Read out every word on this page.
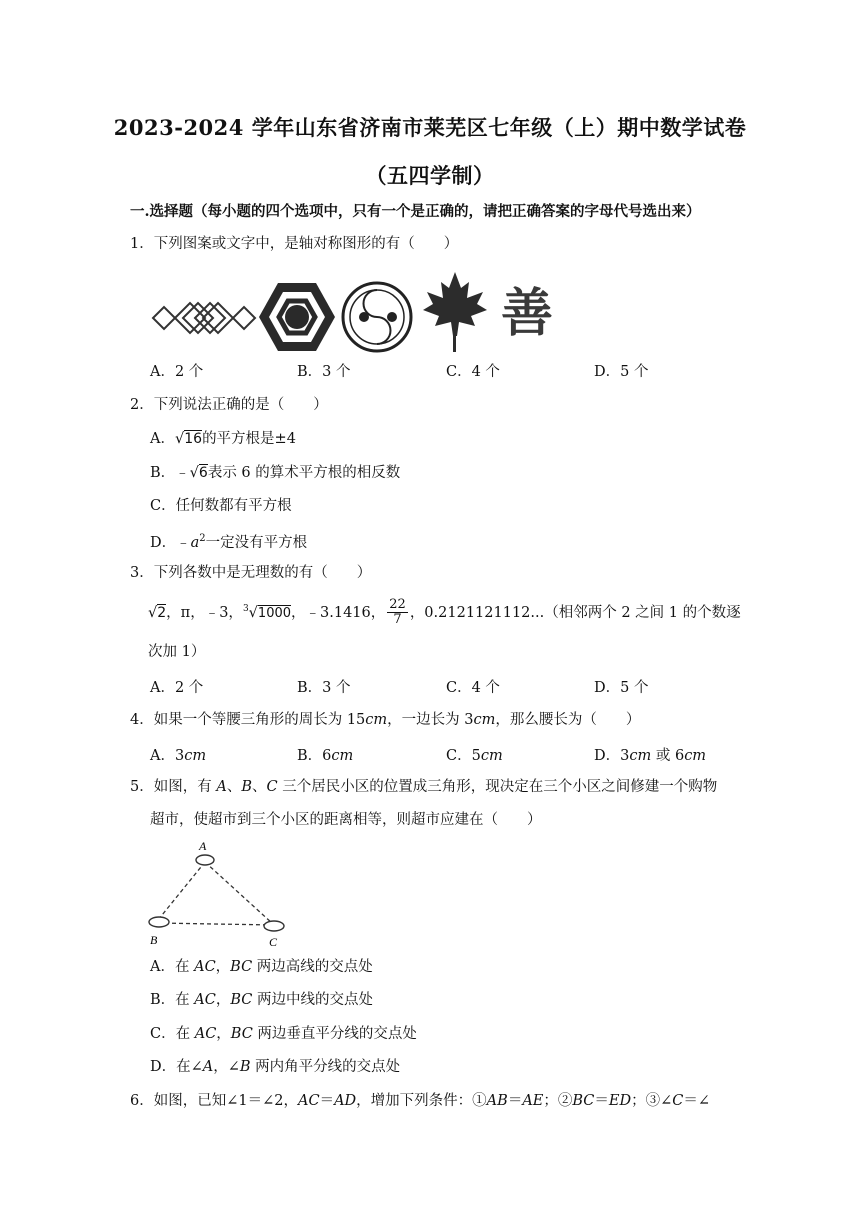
2023-2024 学年山东省济南市莱芜区七年级（上）期中数学试卷
（五四学制）
一.选择题（每小题的四个选项中，只有一个是正确的，请把正确答案的字母代号选出来）
1．下列图案或文字中，是轴对称图形的有（　　）
善
A．2 个	B．3 个	C．4 个	D．5 个
2．下列说法正确的是（　　）
A．√16的平方根是±4
B．﹣√6表示 6 的算术平方根的相反数
C．任何数都有平方根
D．$﹣a^2$一定没有平方根
3．下列各数中是无理数的有（　　）
√2，π，﹣3，$^3$√1000，﹣3.1416， $\frac{22}{7}$ ，0.2121121112...（相邻两个 2 之间 1 的个数逐
次加 1）
A．2 个	B．3 个	C．4 个	D．5 个
4．如果一个等腰三角形的周长为 15cm，一边长为 3cm，那么腰长为（　　）
A．3cm	B．6cm	C．5cm	D．3cm 或 6cm
5．如图，有 A、B、C 三个居民小区的位置成三角形，现决定在三个小区之间修建一个购物
超市，使超市到三个小区的距离相等，则超市应建在（　　）
A
B	C
A．在 AC，BC 两边高线的交点处
B．在 AC，BC 两边中线的交点处
C．在 AC，BC 两边垂直平分线的交点处
D．在∠A，∠B 两内角平分线的交点处
6．如图，已知∠1＝∠2，AC＝AD，增加下列条件：①AB＝AE；②BC＝ED；③∠C＝∠
